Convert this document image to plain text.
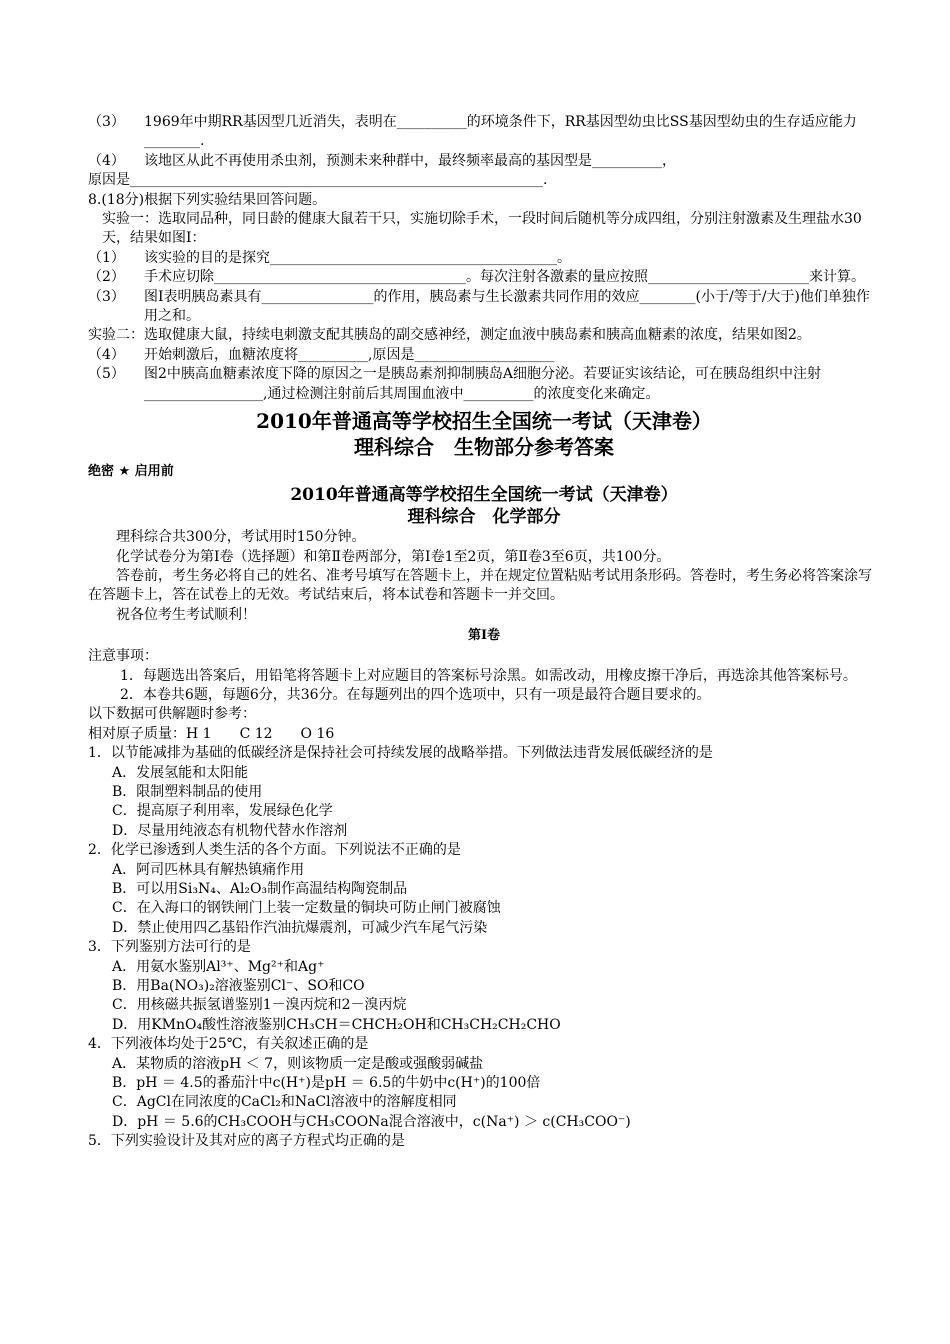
（3）	1969年中期RR基因型几近消失，表明在__________的环境条件下，RR基因型幼虫比SS基因型幼虫的生存适应能力________.
（4）	该地区从此不再使用杀虫剂，预测未来种群中，最终频率最高的基因型是__________，
原因是___________________________________________________________.
8.(18分)根据下列实验结果回答问题。
实验一：选取同品种，同日龄的健康大鼠若干只，实施切除手术，一段时间后随机等分成四组，分别注射激素及生理盐水30天，结果如图Ⅰ：
（1）	该实验的目的是探究_________________________________________。
（2）	手术应切除____________________________________。每次注射各激素的量应按照_______________________来计算。
（3）	图Ⅰ表明胰岛素具有________________的作用，胰岛素与生长激素共同作用的效应________(小于/等于/大于)他们单独作用之和。
实验二：选取健康大鼠，持续电刺激支配其胰岛的副交感神经，测定血液中胰岛素和胰高血糖素的浓度，结果如图2。
（4）	开始刺激后，血糖浓度将__________,原因是____________________
（5）	图2中胰高血糖素浓度下降的原因之一是胰岛素剂抑制胰岛A细胞分泌。若要证实该结论，可在胰岛组织中注射_________________,通过检测注射前后其周围血液中__________的浓度变化来确定。
2010年普通高等学校招生全国统一考试（天津卷）
理科综合　生物部分参考答案
绝密 ★ 启用前
2010年普通高等学校招生全国统一考试（天津卷）
理科综合　化学部分
理科综合共300分，考试用时150分钟。
化学试卷分为第Ⅰ卷（选择题）和第Ⅱ卷两部分，第Ⅰ卷1至2页，第Ⅱ卷3至6页，共100分。
答卷前，考生务必将自己的姓名、准考号填写在答题卡上，并在规定位置粘贴考试用条形码。答卷时，考生务必将答案涂写在答题卡上，答在试卷上的无效。考试结束后，将本试卷和答题卡一并交回。
祝各位考生考试顺利！
第Ⅰ卷
注意事项：
1．每题选出答案后，用铅笔将答题卡上对应题目的答案标号涂黑。如需改动，用橡皮擦干净后，再选涂其他答案标号。
2．本卷共6题，每题6分，共36分。在每题列出的四个选项中，只有一项是最符合题目要求的。
以下数据可供解题时参考：
相对原子质量：H 1　　C 12　　O 16
1．以节能减排为基础的低碳经济是保持社会可持续发展的战略举措。下列做法违背发展低碳经济的是
A．发展氢能和太阳能
B．限制塑料制品的使用
C．提高原子利用率，发展绿色化学
D．尽量用纯液态有机物代替水作溶剂
2．化学已渗透到人类生活的各个方面。下列说法不正确的是
A．阿司匹林具有解热镇痛作用
B．可以用Si₃N₄、Al₂O₃制作高温结构陶瓷制品
C．在入海口的钢铁闸门上装一定数量的铜块可防止闸门被腐蚀
D．禁止使用四乙基铅作汽油抗爆震剂，可减少汽车尾气污染
3．下列鉴别方法可行的是
A．用氨水鉴别Al³⁺、Mg²⁺和Ag⁺
B．用Ba(NO₃)₂溶液鉴别Cl⁻、SO和CO
C．用核磁共振氢谱鉴别1－溴丙烷和2－溴丙烷
D．用KMnO₄酸性溶液鉴别CH₃CH＝CHCH₂OH和CH₃CH₂CH₂CHO
4．下列液体均处于25℃，有关叙述正确的是
A．某物质的溶液pH ＜ 7，则该物质一定是酸或强酸弱碱盐
B．pH ＝ 4.5的番茄汁中c(H⁺)是pH ＝ 6.5的牛奶中c(H⁺)的100倍
C．AgCl在同浓度的CaCl₂和NaCl溶液中的溶解度相同
D．pH ＝ 5.6的CH₃COOH与CH₃COONa混合溶液中，c(Na⁺) ＞ c(CH₃COO⁻)
5．下列实验设计及其对应的离子方程式均正确的是
